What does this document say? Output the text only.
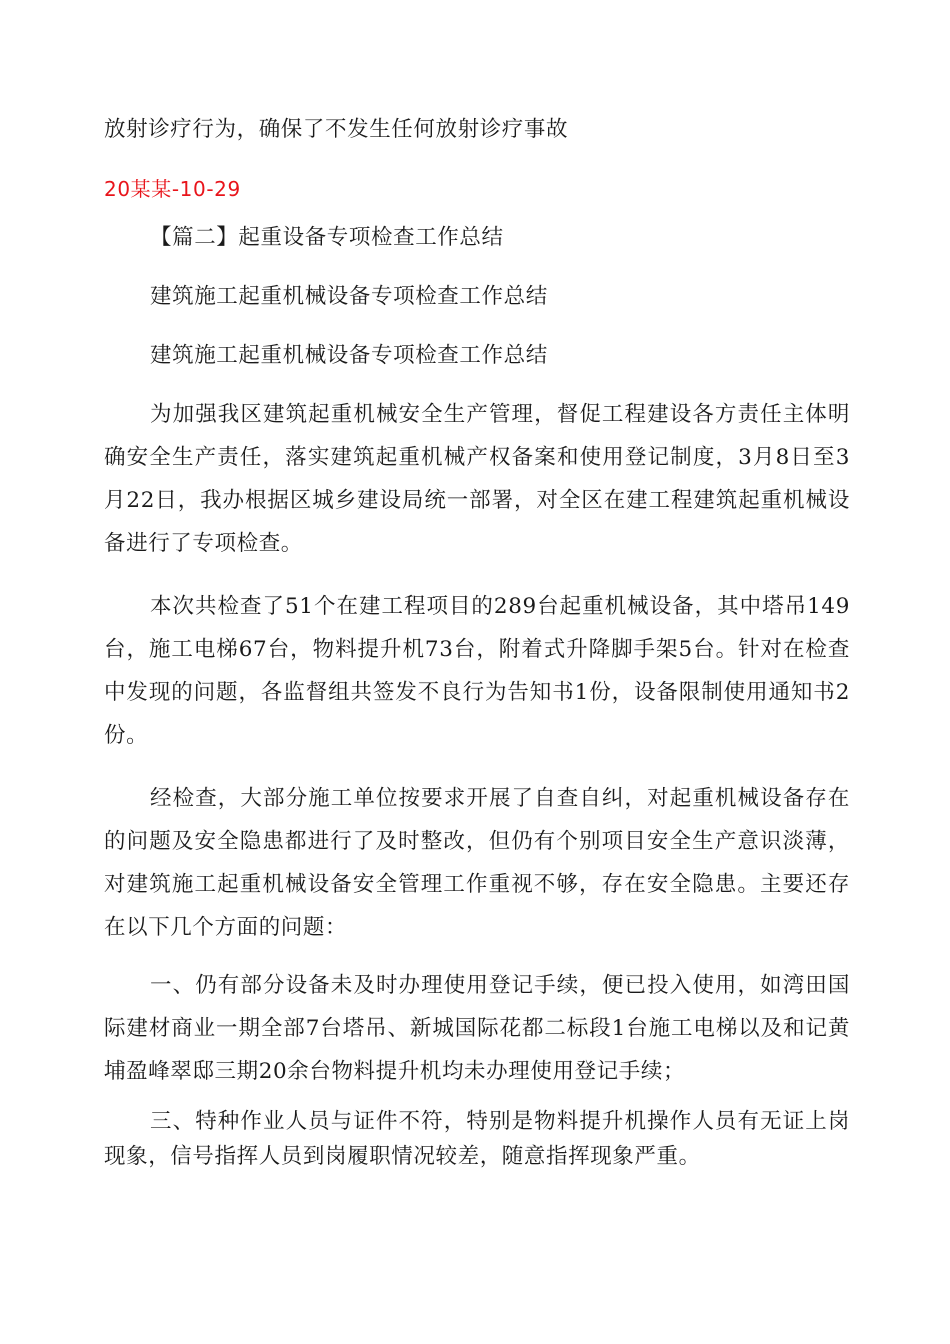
放射诊疗行为，确保了不发生任何放射诊疗事故
20某某-10-29
【篇二】起重设备专项检查工作总结
建筑施工起重机械设备专项检查工作总结
建筑施工起重机械设备专项检查工作总结
为加强我区建筑起重机械安全生产管理，督促工程建设各方责任主体明确安全生产责任，落实建筑起重机械产权备案和使用登记制度，3月8日至3月22日，我办根据区城乡建设局统一部署，对全区在建工程建筑起重机械设备进行了专项检查。
本次共检查了51个在建工程项目的289台起重机械设备，其中塔吊149台，施工电梯67台，物料提升机73台，附着式升降脚手架5台。针对在检查中发现的问题，各监督组共签发不良行为告知书1份，设备限制使用通知书2份。
经检查，大部分施工单位按要求开展了自查自纠，对起重机械设备存在的问题及安全隐患都进行了及时整改，但仍有个别项目安全生产意识淡薄，对建筑施工起重机械设备安全管理工作重视不够，存在安全隐患。主要还存在以下几个方面的问题：
一、仍有部分设备未及时办理使用登记手续，便已投入使用，如湾田国际建材商业一期全部7台塔吊、新城国际花都二标段1台施工电梯以及和记黄埔盈峰翠邸三期20余台物料提升机均未办理使用登记手续；
三、特种作业人员与证件不符，特别是物料提升机操作人员有无证上岗现象，信号指挥人员到岗履职情况较差，随意指挥现象严重。
